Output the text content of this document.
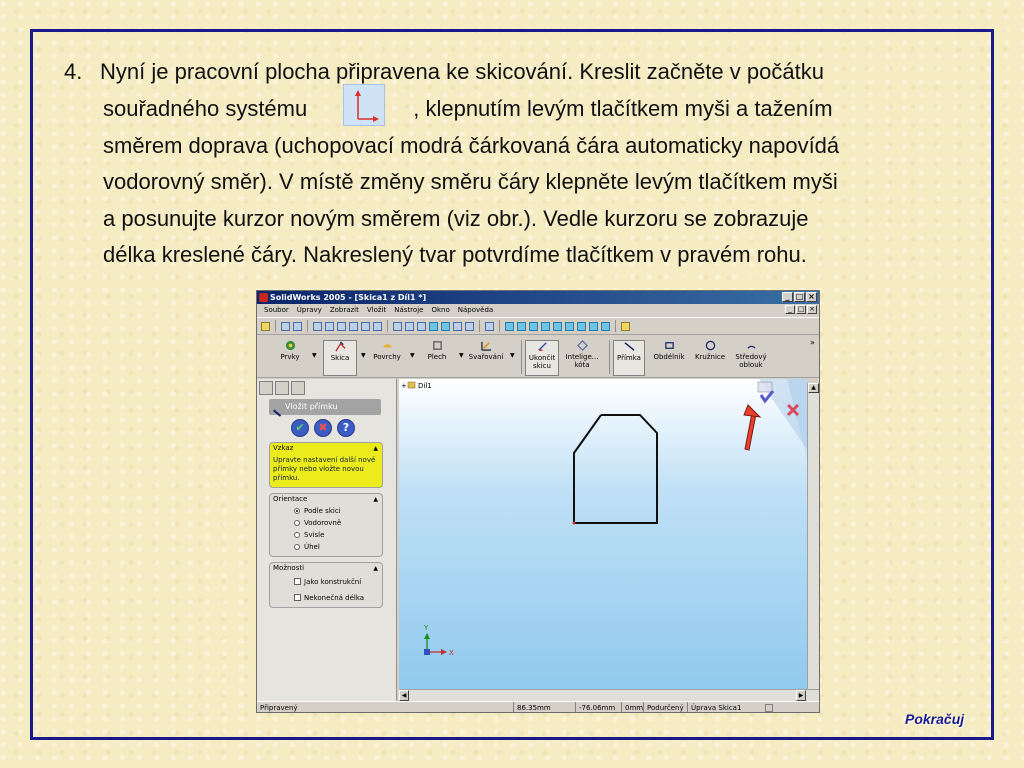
4. Nyní je pracovní plocha připravena ke skicování. Kreslit začněte v počátku
souřadného systému	, klepnutím levým tlačítkem myši a tažením
směrem doprava (uchopovací modrá čárkovaná čára automaticky napovídá
vodorovný směr). V místě změny směru čáry klepněte levým tlačítkem myši
a posunujte kurzor novým směrem (viz obr.). Vedle kurzoru se zobrazuje
délka kreslené čáry. Nakreslený tvar potvrdíme tlačítkem v pravém rohu.
SolidWorks 2005 - [Skica1 z Díl1 *]	_ □ ×
Soubor	Úpravy	Zobrazit	Vložit	Nástroje	Okno	Nápověda	_ □ ×
Prvky	▼	Skica	▼	Povrchy	▼	Plech	▼ Svařování ▼	Ukončit
skicu
Intelige...
kóta
Přímka	Obdélník	Kružnice	Středový
oblouk
»
Vložit přímku
✔	✖	?
Vzkaz	▲
Upravte nastavení další nové přímky nebo vložte novou přímku.
Orientace	▲
Podle skici
Vodorovně
Svisle
Úhel
Možnosti	▲
Jako konstrukční
Nekonečná délka
+ Díl1
Y
X
▲
◀	▶
Připravený	86.35mm	-76.06mm	0mm Podurčený	Úprava Skica1
Pokračuj
